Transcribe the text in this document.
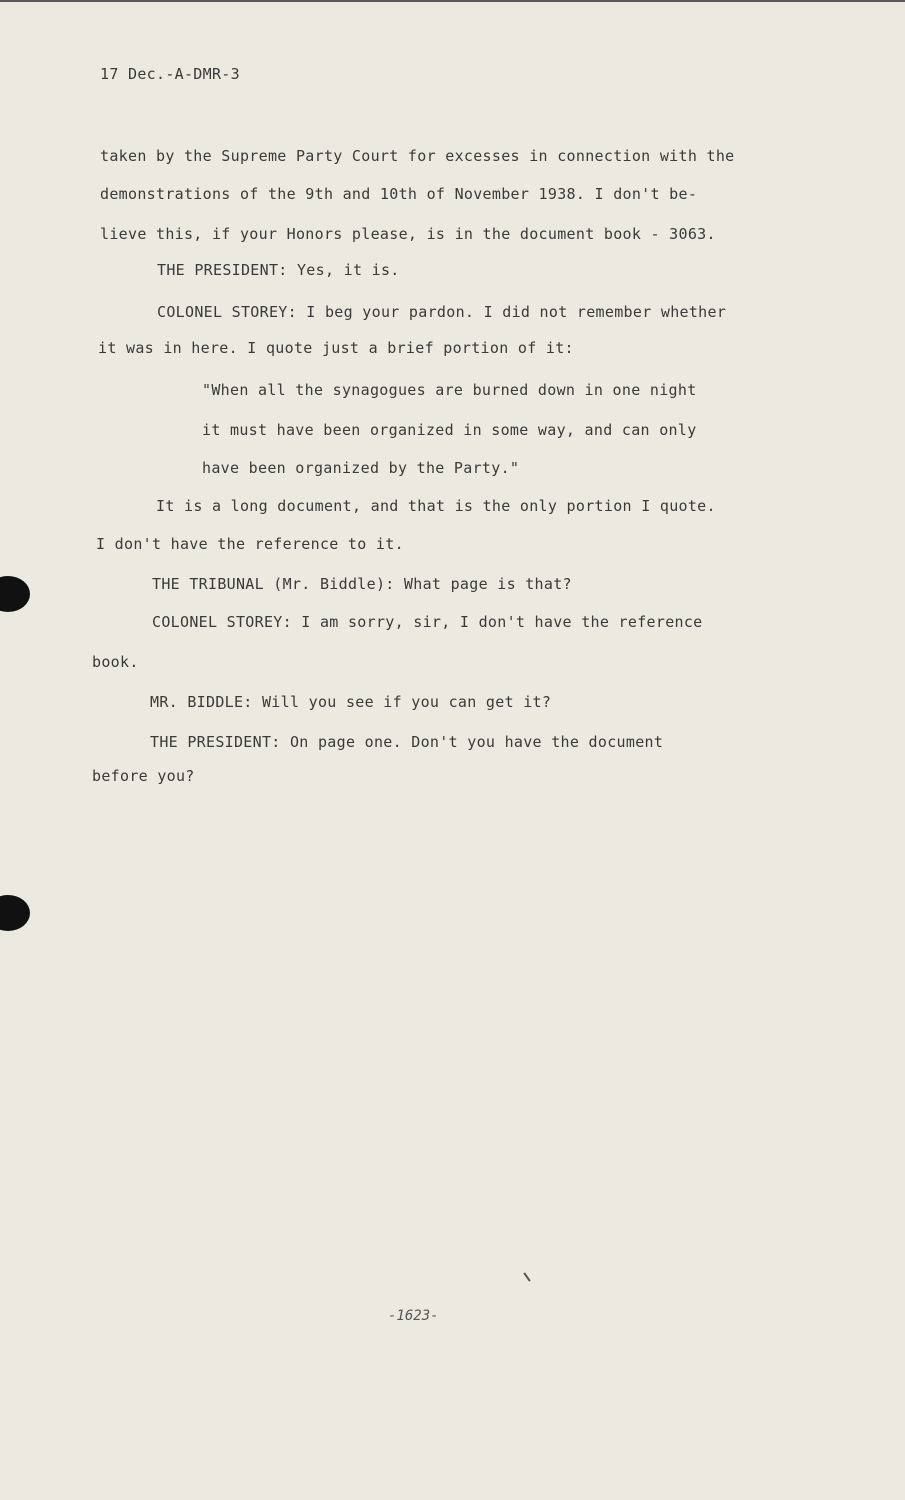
17 Dec.-A-DMR-3
taken by the Supreme Party Court for excesses in connection with the
demonstrations of the 9th and 10th of November 1938. I don't be-
lieve this, if your Honors please, is in the document book - 3063.
THE PRESIDENT: Yes, it is.
COLONEL STOREY: I beg your pardon. I did not remember whether
it was in here. I quote just a brief portion of it:
"When all the synagogues are burned down in one night
it must have been organized in some way, and can only
have been organized by the Party."
It is a long document, and that is the only portion I quote.
I don't have the reference to it.
THE TRIBUNAL (Mr. Biddle): What page is that?
COLONEL STOREY: I am sorry, sir, I don't have the reference
book.
MR. BIDDLE: Will you see if you can get it?
THE PRESIDENT: On page one. Don't you have the document
before you?
-1623-
